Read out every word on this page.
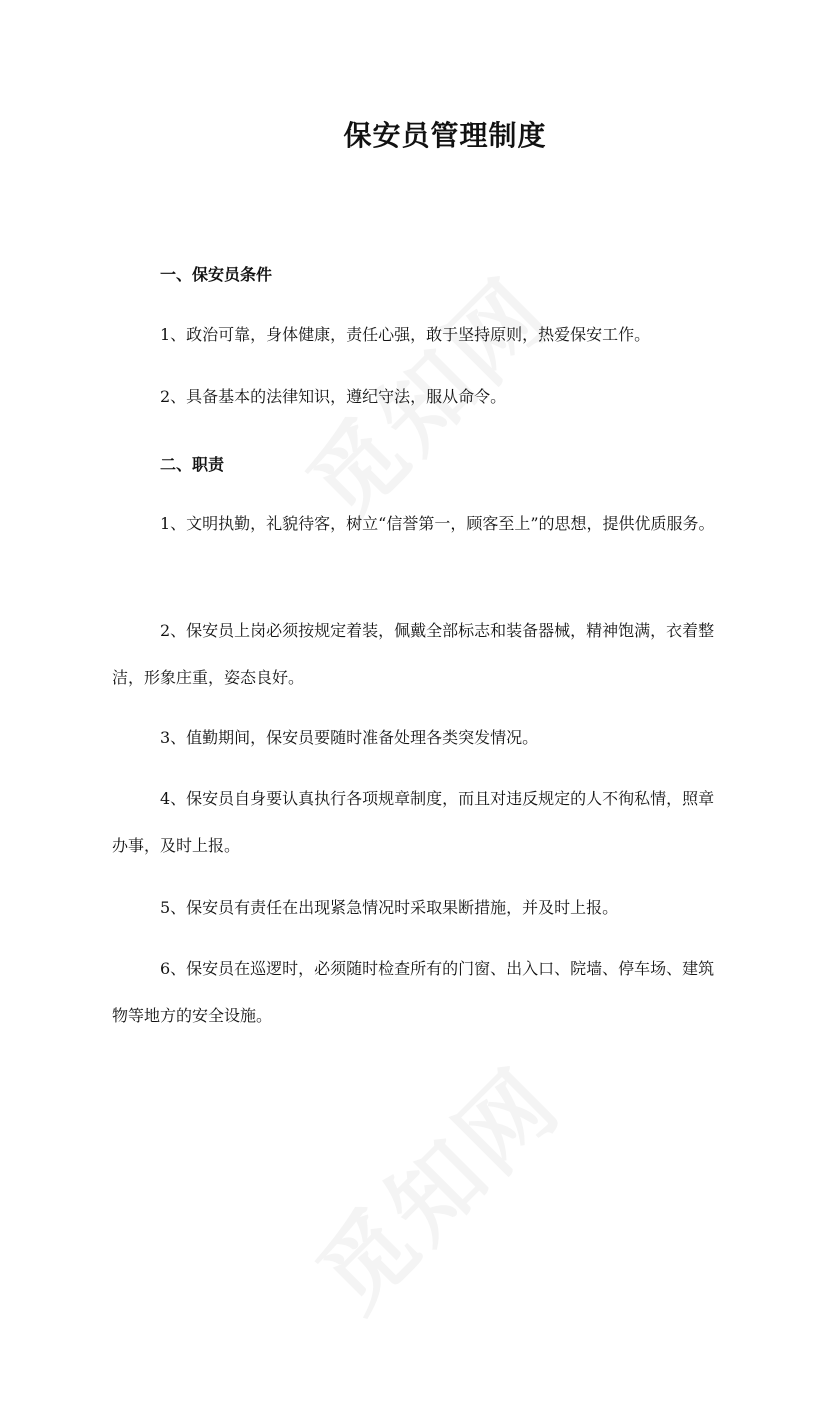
保安员管理制度
一、保安员条件
1、政治可靠，身体健康，责任心强，敢于坚持原则，热爱保安工作。
2、具备基本的法律知识，遵纪守法，服从命令。
二、职责
1、文明执勤，礼貌待客，树立“信誉第一，顾客至上”的思想，提供优质服务。
2、保安员上岗必须按规定着装，佩戴全部标志和装备器械，精神饱满，衣着整洁，形象庄重，姿态良好。
3、值勤期间，保安员要随时准备处理各类突发情况。
4、保安员自身要认真执行各项规章制度，而且对违反规定的人不徇私情，照章办事，及时上报。
5、保安员有责任在出现紧急情况时采取果断措施，并及时上报。
6、保安员在巡逻时，必须随时检查所有的门窗、出入口、院墙、停车场、建筑物等地方的安全设施。
